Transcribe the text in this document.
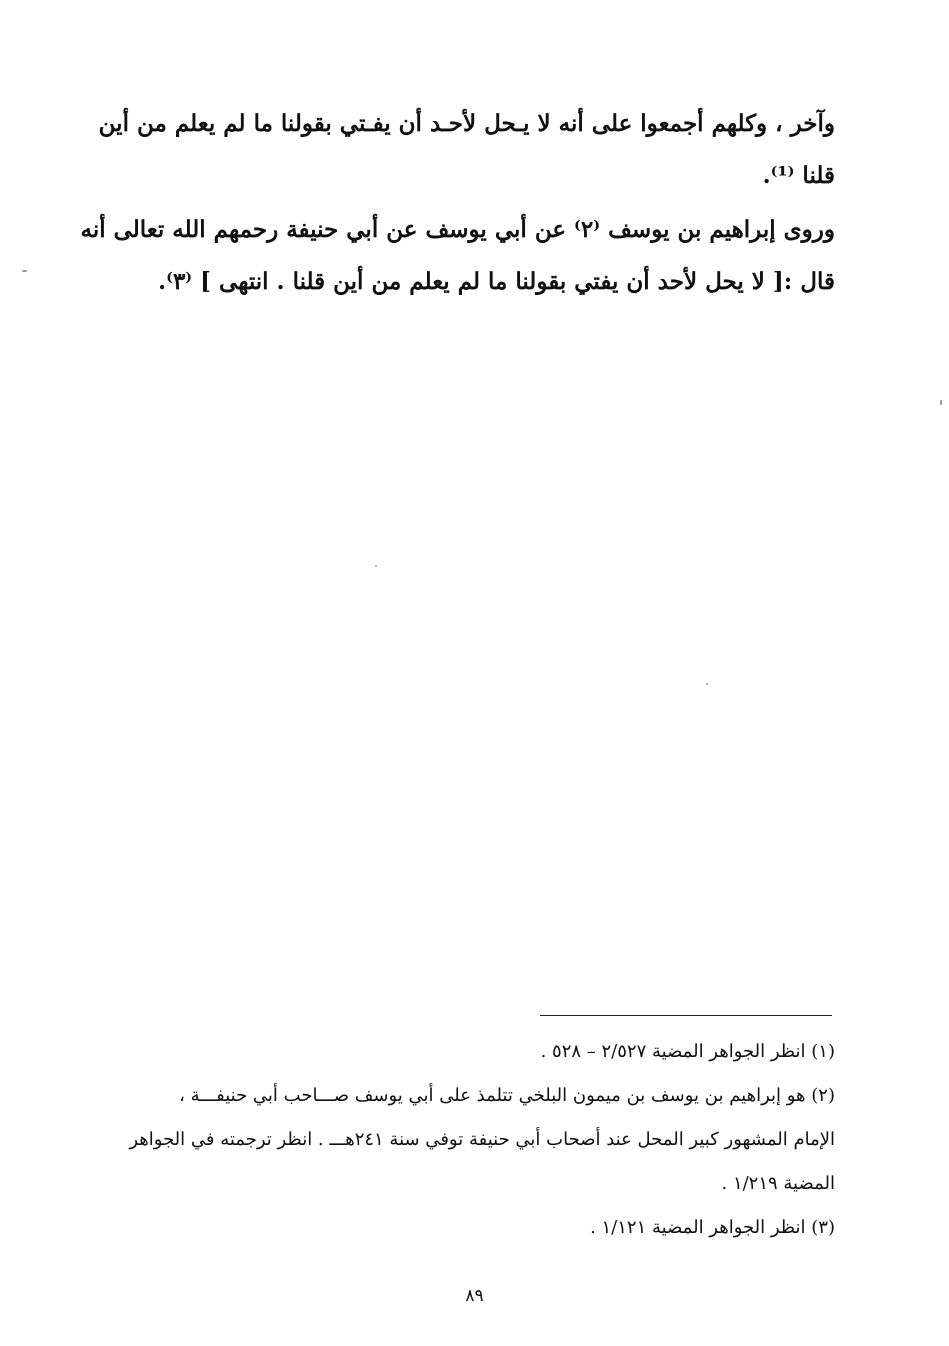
وآخر ، وكلهم أجمعوا على أنه لا يـحل لأحـد أن يفـتي بقولنا ما لم يعلم من أين
قلنا ⁽¹⁾.
وروى إبراهيم بن يوسف ⁽٢⁾ عن أبي يوسف عن أبي حنيفة رحمهم الله تعالى أنه
قال :[ لا يحل لأحد أن يفتي بقولنا ما لم يعلم من أين قلنا . انتهى ] ⁽٣⁾.
(١) انظر الجواهر المضية ٢/٥٢٧ – ٥٢٨ .
(٢) هو إبراهيم بن يوسف بن ميمون البلخي تتلمذ على أبي يوسف صـــاحب أبي حنيفـــة ،
الإمام المشهور كبير المحل عند أصحاب أبي حنيفة توفي سنة ٢٤١هـــ . انظر ترجمته في الجواهر
المضية ١/٢١٩ .
(٣) انظر الجواهر المضية ١/١٢١ .
٨٩
